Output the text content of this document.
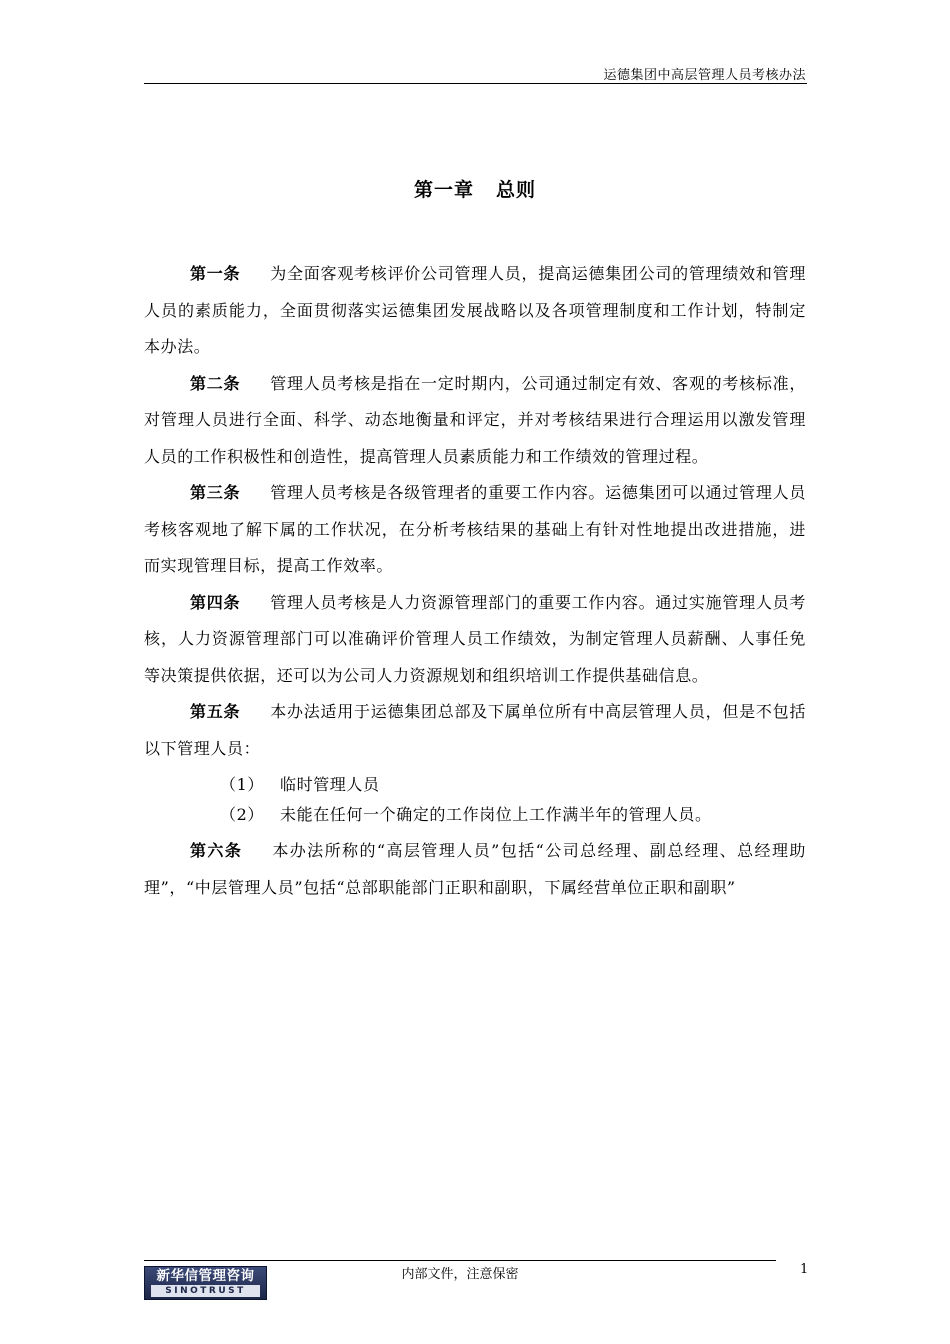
运德集团中高层管理人员考核办法
第一章 总则

第一条 为全面客观考核评价公司管理人员，提高运德集团公司的管理绩效和管理人员的素质能力，全面贯彻落实运德集团发展战略以及各项管理制度和工作计划，特制定本办法。

第二条 管理人员考核是指在一定时期内，公司通过制定有效、客观的考核标准，对管理人员进行全面、科学、动态地衡量和评定，并对考核结果进行合理运用以激发管理人员的工作积极性和创造性，提高管理人员素质能力和工作绩效的管理过程。

第三条 管理人员考核是各级管理者的重要工作内容。运德集团可以通过管理人员考核客观地了解下属的工作状况，在分析考核结果的基础上有针对性地提出改进措施，进而实现管理目标，提高工作效率。

第四条 管理人员考核是人力资源管理部门的重要工作内容。通过实施管理人员考核，人力资源管理部门可以准确评价管理人员工作绩效，为制定管理人员薪酬、人事任免等决策提供依据，还可以为公司人力资源规划和组织培训工作提供基础信息。

第五条 本办法适用于运德集团总部及下属单位所有中高层管理人员，但是不包括以下管理人员：

（1） 临时管理人员

（2） 未能在任何一个确定的工作岗位上工作满半年的管理人员。

第六条 本办法所称的“高层管理人员”包括“公司总经理、副总经理、总经理助理”，“中层管理人员”包括“总部职能部门正职和副职，下属经营单位正职和副职”

内部文件，注意保密	1
新华信管理咨询
SINOTRUST
